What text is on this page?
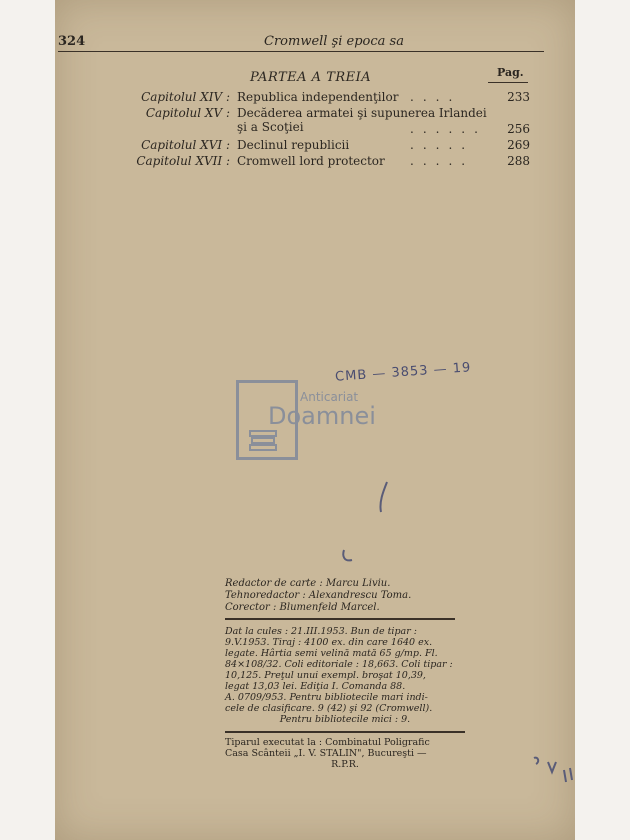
324	Cromwell şi epoca sa
PARTEA A TREIA	Pag.
Capitolul XIV : Republica independenţilor ....	233
Capitolul XV : Decăderea armatei şi supunerea Irlandei
şi a Scoţiei	......	256
Capitolul XVI : Declinul republicii	.....	269
Capitolul XVII : Cromwell lord protector	.....	288
CMB — 3853 — 19
Anticariat
Doamnei
Redactor de carte : Marcu Liviu.
Tehnoredactor : Alexandrescu Toma.
Corector : Blumenfeld Marcel.
Dat la cules : 21.III.1953. Bun de tipar :
9.V.1953. Tiraj : 4100 ex. din care 1640 ex.
legate. Hârtia semi velină mată 65 g/mp. Fl.
84×108/32. Coli editoriale : 18,663. Coli tipar :
10,125. Preţul unui exempl. broşat 10,39,
legat 13,03 lei. Ediţia I. Comanda 88.
A. 0709/953. Pentru bibliotecile mari indi-
cele de clasificare. 9 (42) şi 92 (Cromwell).
Pentru bibliotecile mici : 9.
Tiparul executat la : Combinatul Poligrafic
Casa Scânteii „I. V. STALIN", Bucureşti —
R.P.R.
